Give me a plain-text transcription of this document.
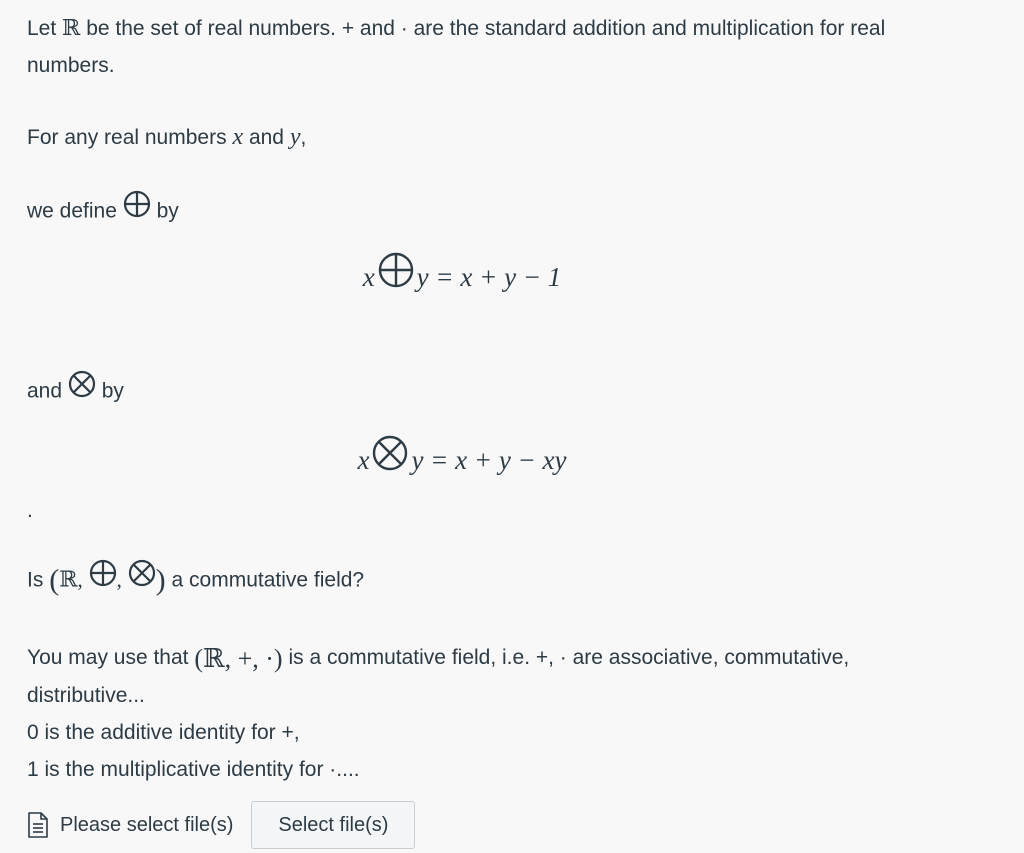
Let ℝ be the set of real numbers. + and · are the standard addition and multiplication for real
numbers.

For any real numbers x and y,

we define by

x y = x + y − 1

and by

x y = x + y − xy

.

Is (ℝ, , ) a commutative field?

You may use that (ℝ, +, ·) is a commutative field, i.e. +, · are associative, commutative,
distributive...
0 is the additive identity for +,
1 is the multiplicative identity for ·....

Please select file(s)	Select file(s)
